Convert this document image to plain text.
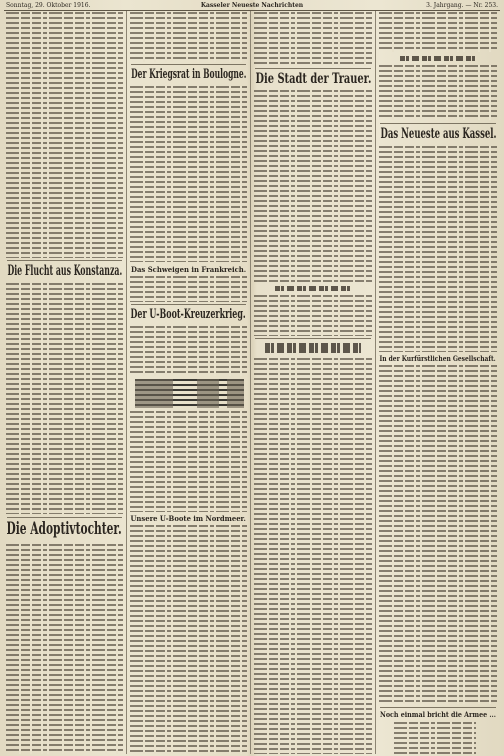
Sonntag, 29. Oktober 1916.	Kasseler Neueste Nachrichten	3. Jahrgang. — Nr. 253.
Die Flucht aus Konstanza.
Die Adoptivtochter.
Der Kriegsrat in Boulogne.
Das Schweigen in Frankreich.
Der U-Boot-Kreuzerkrieg.
Unsere U-Boote im Nordmeer.
Die Stadt der Trauer.
Das Neueste aus Kassel.
In der Kurfürstlichen Gesellschaft.
Noch einmal bricht die Armee ...
